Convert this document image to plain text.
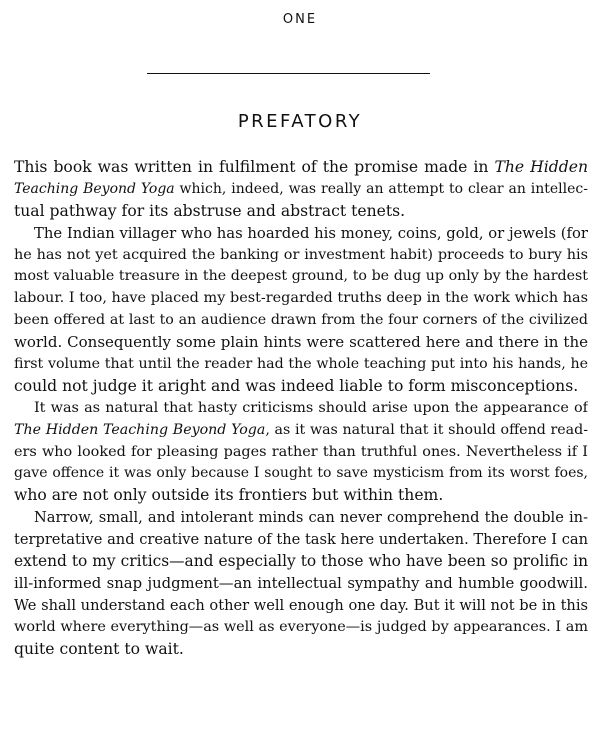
ONE
PREFATORY
This book was written in fulfilment of the promise made in The Hidden
Teaching Beyond Yoga which, indeed, was really an attempt to clear an intellec-
tual pathway for its abstruse and abstract tenets.
The Indian villager who has hoarded his money, coins, gold, or jewels (for
he has not yet acquired the banking or investment habit) proceeds to bury his
most valuable treasure in the deepest ground, to be dug up only by the hardest
labour. I too, have placed my best-regarded truths deep in the work which has
been offered at last to an audience drawn from the four corners of the civilized
world. Consequently some plain hints were scattered here and there in the
first volume that until the reader had the whole teaching put into his hands, he
could not judge it aright and was indeed liable to form misconceptions.
It was as natural that hasty criticisms should arise upon the appearance of
The Hidden Teaching Beyond Yoga, as it was natural that it should offend read-
ers who looked for pleasing pages rather than truthful ones. Nevertheless if I
gave offence it was only because I sought to save mysticism from its worst foes,
who are not only outside its frontiers but within them.
Narrow, small, and intolerant minds can never comprehend the double in-
terpretative and creative nature of the task here undertaken. Therefore I can
extend to my critics—and especially to those who have been so prolific in
ill-informed snap judgment—an intellectual sympathy and humble goodwill.
We shall understand each other well enough one day. But it will not be in this
world where everything—as well as everyone—is judged by appearances. I am
quite content to wait.
